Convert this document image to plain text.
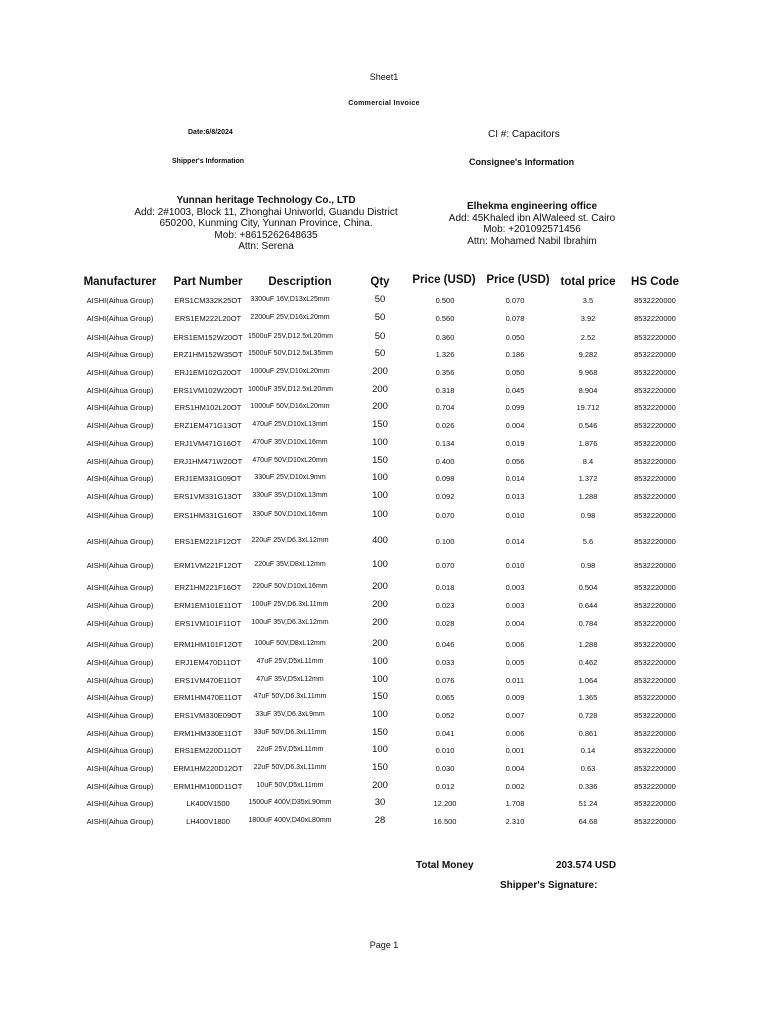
Sheet1
Commercial Invoice
Date:6/8/2024	CI #: Capacitors
Shipper's Information	Consignee's Information
Yunnan heritage Technology Co., LTD
Add: 2#1003, Block 11, Zhonghai Uniworld, Guandu District
650200, Kunming City, Yunnan Province, China.
Mob: +8615262648635
Attn: Serena
Elhekma engineering office
Add: 45Khaled ibn AlWaleed st. Cairo
Mob: +201092571456
Attn: Mohamed Nabil Ibrahim
Manufacturer	Part Number	Description	Qty	Price (USD) Price (USD) total price	HS Code
AISHI(Aihua Group)	ERS1CM332K25OT	3300uF 16V,D13xL25mm	50	0.500	0.070	3.5	8532220000
AISHI(Aihua Group)	ERS1EM222L20OT	2200uF 25V,D16xL20mm	50	0.560	0.078	3.92	8532220000
AISHI(Aihua Group)	ERS1EM152W20OT 1500uF 25V,D12.5xL20mm	50	0.360	0.050	2.52	8532220000
AISHI(Aihua Group)	ERZ1HM152W35OT 1500uF 50V,D12.5xL35mm	50	1.326	0.186	9.282	8532220000
AISHI(Aihua Group)	ERJ1EM102G20OT	1000uF 25V,D10xL20mm	200	0.356	0.050	9.968	8532220000
AISHI(Aihua Group)	ERS1VM102W20OT 1000uF 35V,D12.5xL20mm	200	0.318	0.045	8.904	8532220000
AISHI(Aihua Group)	ERS1HM102L20OT	1000uF 50V,D16xL20mm	200	0.704	0.099	19.712	8532220000
AISHI(Aihua Group)	ERZ1EM471G13OT	470uF 25V,D10xL13mm	150	0.026	0.004	0.546	8532220000
AISHI(Aihua Group)	ERJ1VM471G16OT	470uF 35V,D10xL16mm	100	0.134	0.019	1.876	8532220000
AISHI(Aihua Group)	ERJ1HM471W20OT	470uF 50V,D10xL20mm	150	0.400	0.056	8.4	8532220000
AISHI(Aihua Group)	ERJ1EM331G09OT	330uF 25V,D10xL9mm	100	0.098	0.014	1.372	8532220000
AISHI(Aihua Group)	ERS1VM331G13OT	330uF 35V,D10xL13mm	100	0.092	0.013	1.288	8532220000
AISHI(Aihua Group)	ERS1HM331G16OT	330uF 50V,D10xL16mm	100	0.070	0.010	0.98	8532220000
AISHI(Aihua Group)	ERS1EM221F12OT	220uF 25V,D6.3xL12mm	400	0.100	0.014	5.6	8532220000
AISHI(Aihua Group)	ERM1VM221F12OT	220uF 35V,D8xL12mm	100	0.070	0.010	0.98	8532220000
AISHI(Aihua Group)	ERZ1HM221F16OT	220uF 50V,D10xL16mm	200	0.018	0.003	0.504	8532220000
AISHI(Aihua Group)	ERM1EM101E11OT	100uF 25V,D6.3xL11mm	200	0.023	0.003	0.644	8532220000
AISHI(Aihua Group)	ERS1VM101F11OT	100uF 35V,D6.3xL12mm	200	0.028	0.004	0.784	8532220000
AISHI(Aihua Group)	ERM1HM101F12OT	100uF 50V,D8xL12mm	200	0.046	0.006	1.288	8532220000
AISHI(Aihua Group)	ERJ1EM470D11OT	47uF 25V,D5xL11mm	100	0.033	0.005	0.462	8532220000
AISHI(Aihua Group)	ERS1VM470E11OT	47uF 35V,D5xL12mm	100	0.076	0.011	1.064	8532220000
AISHI(Aihua Group)	ERM1HM470E11OT	47uF 50V,D6.3xL11mm	150	0.065	0.009	1.365	8532220000
AISHI(Aihua Group)	ERS1VM330E09OT	33uF 35V,D6.3xL9mm	100	0.052	0.007	0.728	8532220000
AISHI(Aihua Group)	ERM1HM330E11OT	33uF 50V,D6.3xL11mm	150	0.041	0.006	0.861	8532220000
AISHI(Aihua Group)	ERS1EM220D11OT	22uF 25V,D5xL11mm	100	0.010	0.001	0.14	8532220000
AISHI(Aihua Group)	ERM1HM220D12OT	22uF 50V,D6.3xL11mm	150	0.030	0.004	0.63	8532220000
AISHI(Aihua Group)	ERM1HM100D11OT	10uF 50V,D5xL11mm	200	0.012	0.002	0.336	8532220000
AISHI(Aihua Group)	LK400V1500	1500uF 400V,D35xL90mm	30	12.200	1.708	51.24	8532220000
AISHI(Aihua Group)	LH400V1800	1800uF 400V,D40xL80mm	28	16.500	2.310	64.68	8532220000
Total Money	203.574 USD
Shipper's Signature:
Page 1
